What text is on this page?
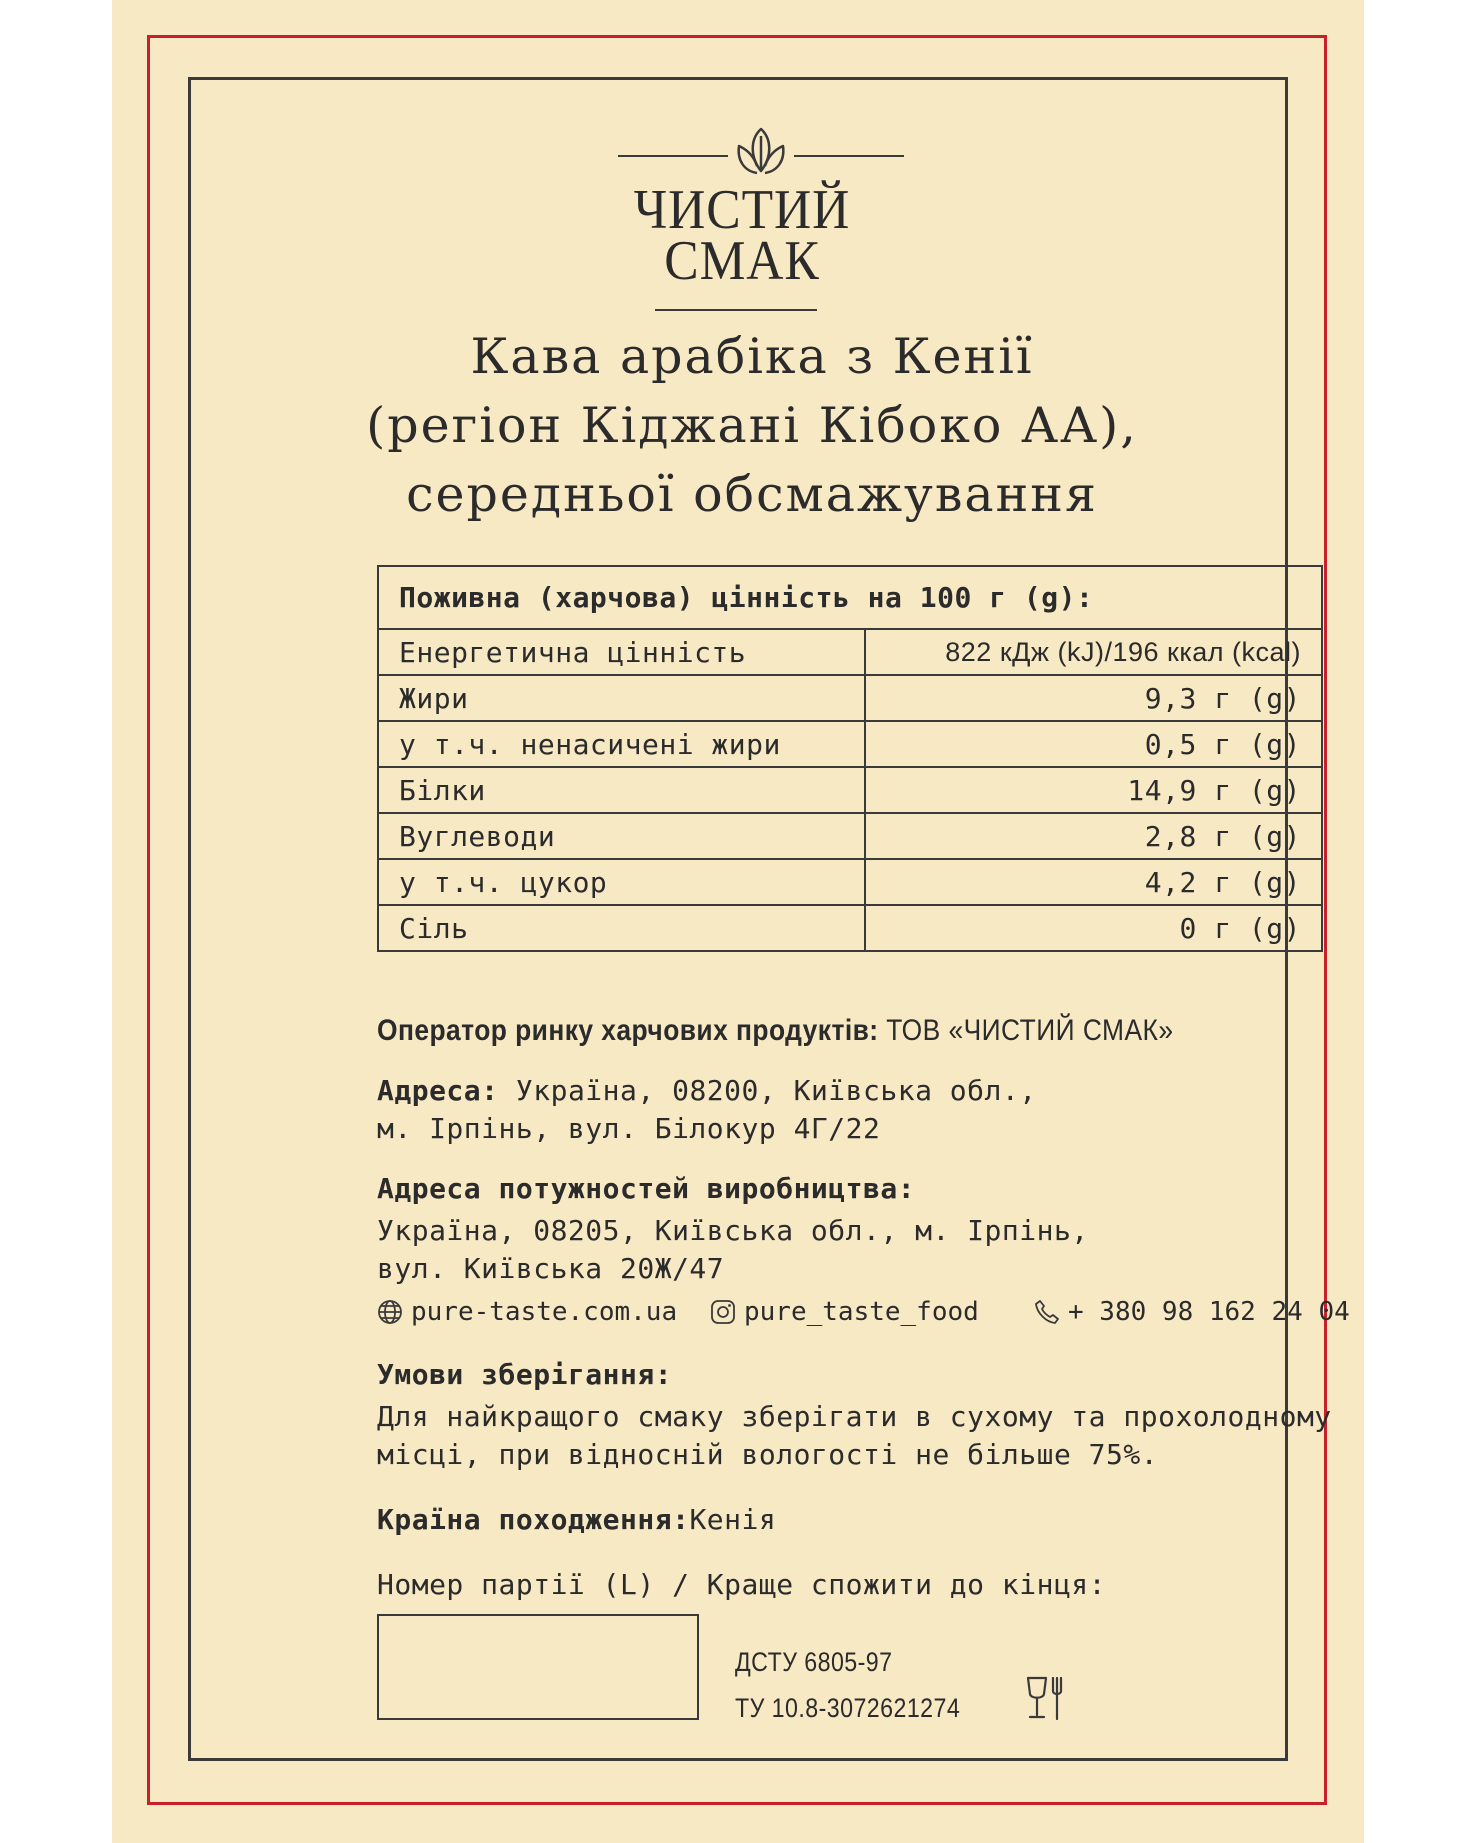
ЧИСТИЙ
СМАК
Кава арабіка з Кенії
(регіон Кіджані Кібоко АА),
середньої обсмажування
Поживна (харчова) цінність на 100 г (g):	
Енергетична цінність	822 кДж (kJ)/196 ккал (kcal)
Жири	9,3 г (g)
у т.ч. ненасичені жири	0,5 г (g)
Білки	14,9 г (g)
Вуглеводи	2,8 г (g)
у т.ч. цукор	4,2 г (g)
Сіль	0 г (g)
Оператор ринку харчових продуктів: ТОВ «ЧИСТИЙ СМАК»
Адреса: Україна, 08200, Київська обл.,
м. Ірпінь, вул. Білокур 4Г/22
Адреса потужностей виробництва:
Україна, 08205, Київська обл., м. Ірпінь,
вул. Київська 20Ж/47
pure-taste.com.ua	pure_taste_food	+ 380 98 162 24 04
Умови зберігання:
Для найкращого смаку зберігати в сухому та прохолодному
місці, при відносній вологості не більше 75%.
Країна походження:Кенія
Номер партії (L) / Краще спожити до кінця:
ДСТУ 6805-97
ТУ 10.8-3072621274
